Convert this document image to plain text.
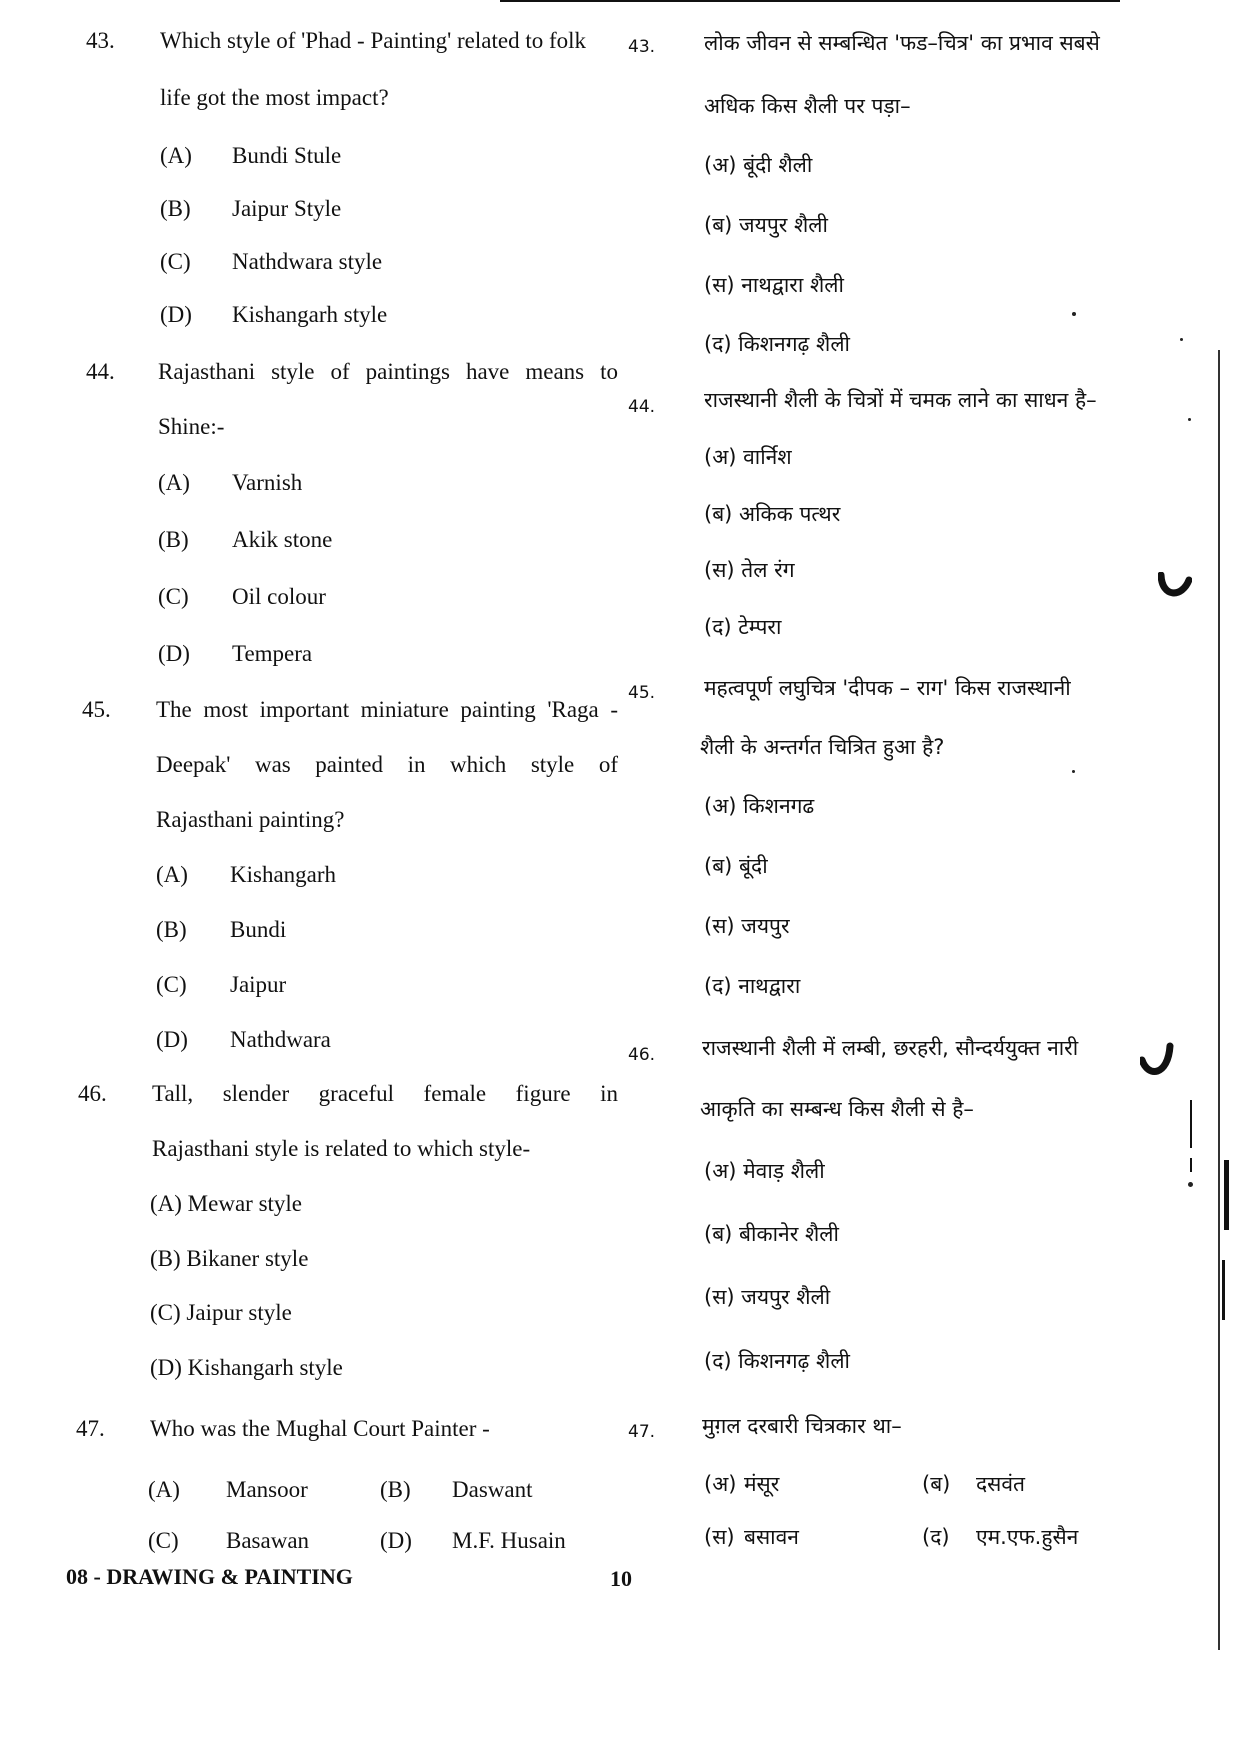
43. Which style of 'Phad - Painting' related to folk
life got the most impact?
(A) Bundi Stule
(B) Jaipur Style
(C) Nathdwara style
(D) Kishangarh style
44. Rajasthani style of paintings have means to
Shine:-
(A) Varnish
(B) Akik stone
(C) Oil colour
(D) Tempera
45. The most important miniature painting 'Raga -
Deepak' was painted in which style of
Rajasthani painting?
(A) Kishangarh
(B) Bundi
(C) Jaipur
(D) Nathdwara
46. Tall, slender graceful female figure in
Rajasthani style is related to which style-
(A) Mewar style
(B) Bikaner style
(C) Jaipur style
(D) Kishangarh style
47. Who was the Mughal Court Painter -
(A) Mansoor	(B) Daswant
(C) Basawan	(D) M.F. Husain
08 - DRAWING & PAINTING	10
43. लोक जीवन से सम्बन्धित 'फड–चित्र' का प्रभाव सबसे
अधिक किस शैली पर पड़ा–
(अ) बूंदी शैली
(ब) जयपुर शैली
(स) नाथद्वारा शैली
(द) किशनगढ़ शैली
44. राजस्थानी शैली के चित्रों में चमक लाने का साधन है–
(अ) वार्निश
(ब) अकिक पत्थर
(स) तेल रंग
(द) टेम्परा
45. महत्वपूर्ण लघुचित्र 'दीपक – राग' किस राजस्थानी
शैली के अन्तर्गत चित्रित हुआ है?
(अ) किशनगढ
(ब) बूंदी
(स) जयपुर
(द) नाथद्वारा
46. राजस्थानी शैली में लम्बी, छरहरी, सौन्दर्ययुक्त नारी
आकृति का सम्बन्ध किस शैली से है–
(अ) मेवाड़ शैली
(ब) बीकानेर शैली
(स) जयपुर शैली
(द) किशनगढ़ शैली
47. मुग़ल दरबारी चित्रकार था–
(अ) मंसूर	(ब) दसवंत
(स) बसावन	(द) एम.एफ.हुसैन
